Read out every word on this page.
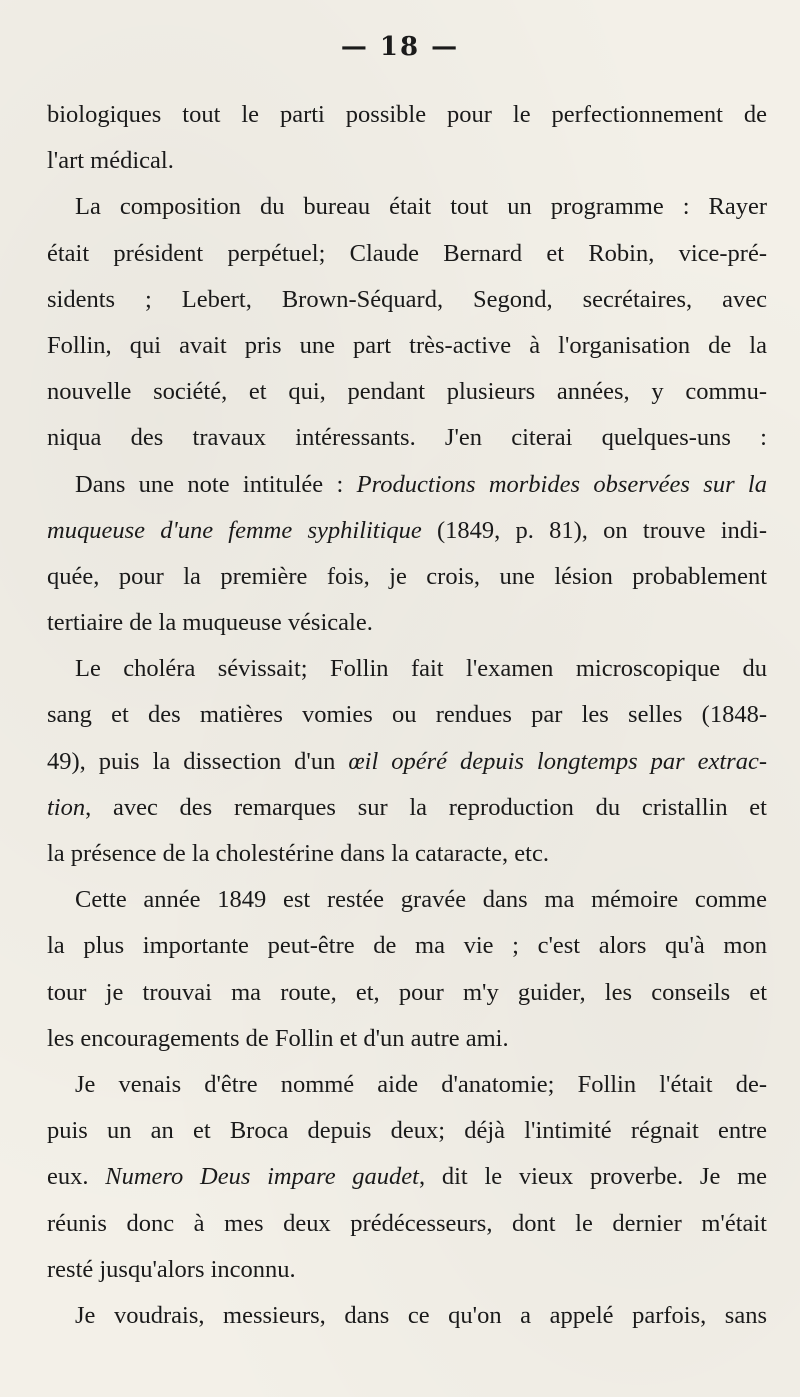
— 18 —
biologiques tout le parti possible pour le perfectionnement de
l'art médical.
La composition du bureau était tout un programme : Rayer
était président perpétuel; Claude Bernard et Robin, vice-pré-
sidents ; Lebert, Brown-Séquard, Segond, secrétaires, avec
Follin, qui avait pris une part très-active à l'organisation de la
nouvelle société, et qui, pendant plusieurs années, y commu-
niqua des travaux intéressants. J'en citerai quelques-uns :
Dans une note intitulée : Productions morbides observées sur la
muqueuse d'une femme syphilitique (1849, p. 81), on trouve indi-
quée, pour la première fois, je crois, une lésion probablement
tertiaire de la muqueuse vésicale.
Le choléra sévissait; Follin fait l'examen microscopique du
sang et des matières vomies ou rendues par les selles (1848-
49), puis la dissection d'un œil opéré depuis longtemps par extrac-
tion, avec des remarques sur la reproduction du cristallin et
la présence de la cholestérine dans la cataracte, etc.
Cette année 1849 est restée gravée dans ma mémoire comme
la plus importante peut-être de ma vie ; c'est alors qu'à mon
tour je trouvai ma route, et, pour m'y guider, les conseils et
les encouragements de Follin et d'un autre ami.
Je venais d'être nommé aide d'anatomie; Follin l'était de-
puis un an et Broca depuis deux; déjà l'intimité régnait entre
eux. Numero Deus impare gaudet, dit le vieux proverbe. Je me
réunis donc à mes deux prédécesseurs, dont le dernier m'était
resté jusqu'alors inconnu.
Je voudrais, messieurs, dans ce qu'on a appelé parfois, sans
